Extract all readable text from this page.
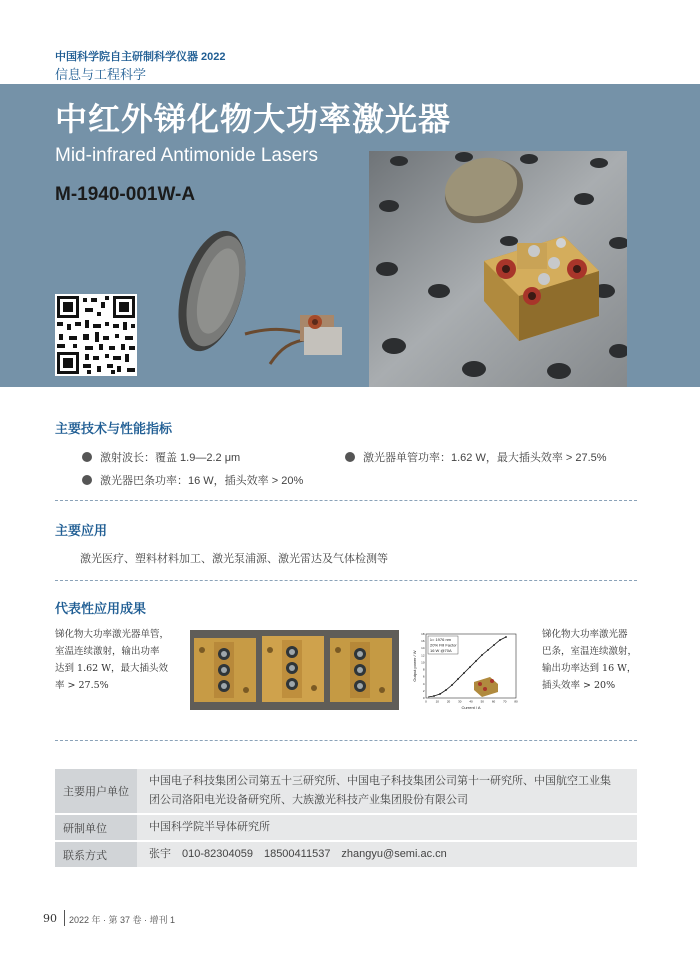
中国科学院自主研制科学仪器 2022
信息与工程科学
中红外锑化物大功率激光器
Mid-infrared Antimonide Lasers
M-1940-001W-A
主要技术与性能指标
激射波长：覆盖 1.9—2.2 μm	激光器单管功率：1.62 W，最大插头效率 > 27.5%
激光器巴条功率：16 W，插头效率 > 20%
主要应用
激光医疗、塑料材料加工、激光泵浦源、激光雷达及气体检测等
代表性应用成果
锑化物大功率激光器单管，
室温连续激射，输出功率
达到 1.62 W，最大插头效
率 > 27.5%
0	10	20	30	40	50	60	70	80
0
2
4
6
8
10
12
14
16
18
λ= 1976 nm
20% Fill Factor
16 W @70A
Current / A
Output power / W
锑化物大功率激光器
巴条，室温连续激射，
输出功率达到 16 W，
插头效率 > 20%
主要用户单位	中国电子科技集团公司第五十三研究所、中国电子科技集团公司第十一研究所、中国航空工业集
团公司洛阳电光设备研究所、大族激光科技产业集团股份有限公司

研制单位	中国科学院半导体研究所

联系方式	张宇　010-82304059　18500411537　zhangyu@semi.ac.cn
90 2022 年 · 第 37 卷 · 增刊 1
